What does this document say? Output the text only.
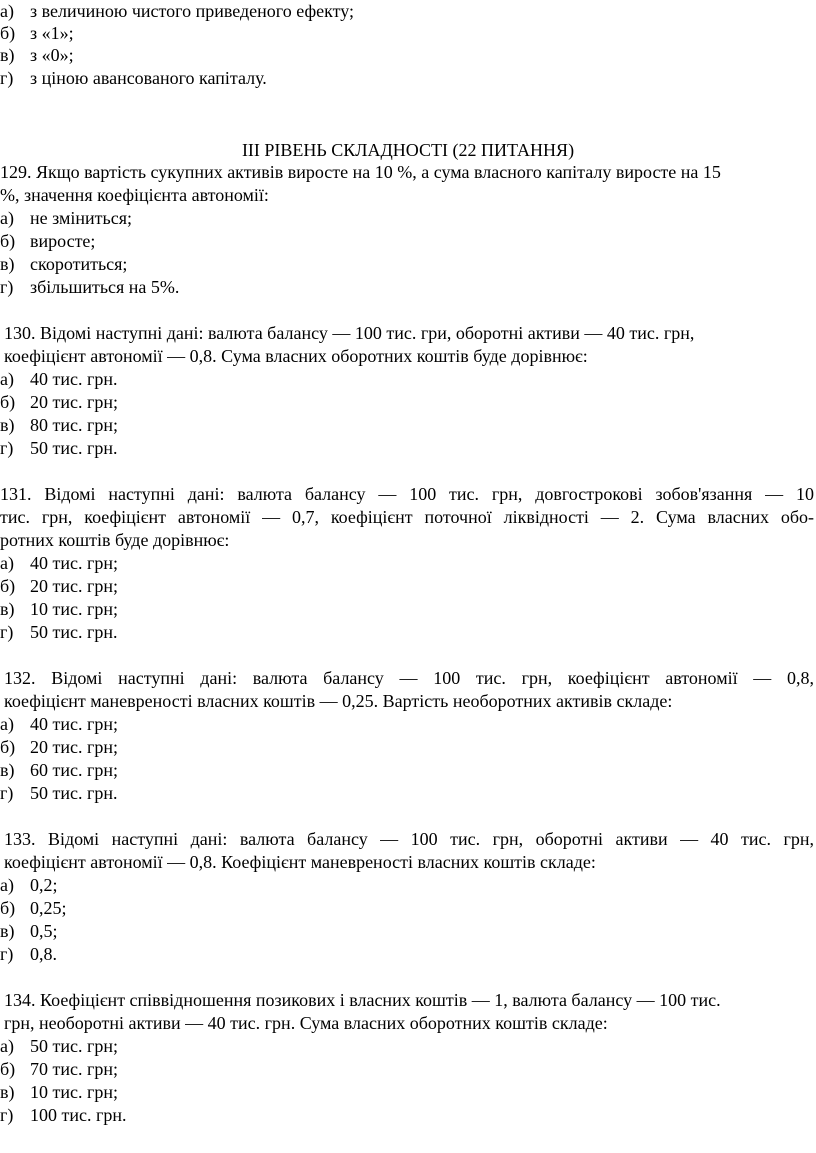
а) з величиною чистого приведеного ефекту;
б) з «1»;
в) з «0»;
г) з ціною авансованого капіталу.
ІІІ РІВЕНЬ СКЛАДНОСТІ (22 ПИТАННЯ)
129. Якщо вартість сукупних активів виросте на 10 %, а сума власного капіталу виросте на 15
%, значення коефіцієнта автономії:
а) не зміниться;
б) виросте;
в) скоротиться;
г) збільшиться на 5%.
130. Відомі наступні дані: валюта балансу — 100 тис. гри, оборотні активи — 40 тис. грн,
коефіцієнт автономії — 0,8. Сума власних оборотних коштів буде дорівнює:
а) 40 тис. грн.
б) 20 тис. грн;
в) 80 тис. грн;
г) 50 тис. грн.
131. Відомі наступні дані: валюта балансу — 100 тис. грн, довгострокові зобов'язання — 10
тис. грн, коефіцієнт автономії — 0,7, коефіцієнт поточної ліквідності — 2. Сума власних обо-
ротних коштів буде дорівнює:
а) 40 тис. грн;
б) 20 тис. грн;
в) 10 тис. грн;
г) 50 тис. грн.
132. Відомі наступні дані: валюта балансу — 100 тис. грн, коефіцієнт автономії — 0,8,
коефіцієнт маневреності власних коштів — 0,25. Вартість необоротних активів складе:
а) 40 тис. грн;
б) 20 тис. грн;
в) 60 тис. грн;
г) 50 тис. грн.
133. Відомі наступні дані: валюта балансу — 100 тис. грн, оборотні активи — 40 тис. грн,
коефіцієнт автономії — 0,8. Коефіцієнт маневреності власних коштів складе:
а) 0,2;
б) 0,25;
в) 0,5;
г) 0,8.
134. Коефіцієнт співвідношення позикових і власних коштів — 1, валюта балансу — 100 тис.
грн, необоротні активи — 40 тис. грн. Сума власних оборотних коштів складе:
а) 50 тис. грн;
б) 70 тис. грн;
в) 10 тис. грн;
г) 100 тис. грн.
